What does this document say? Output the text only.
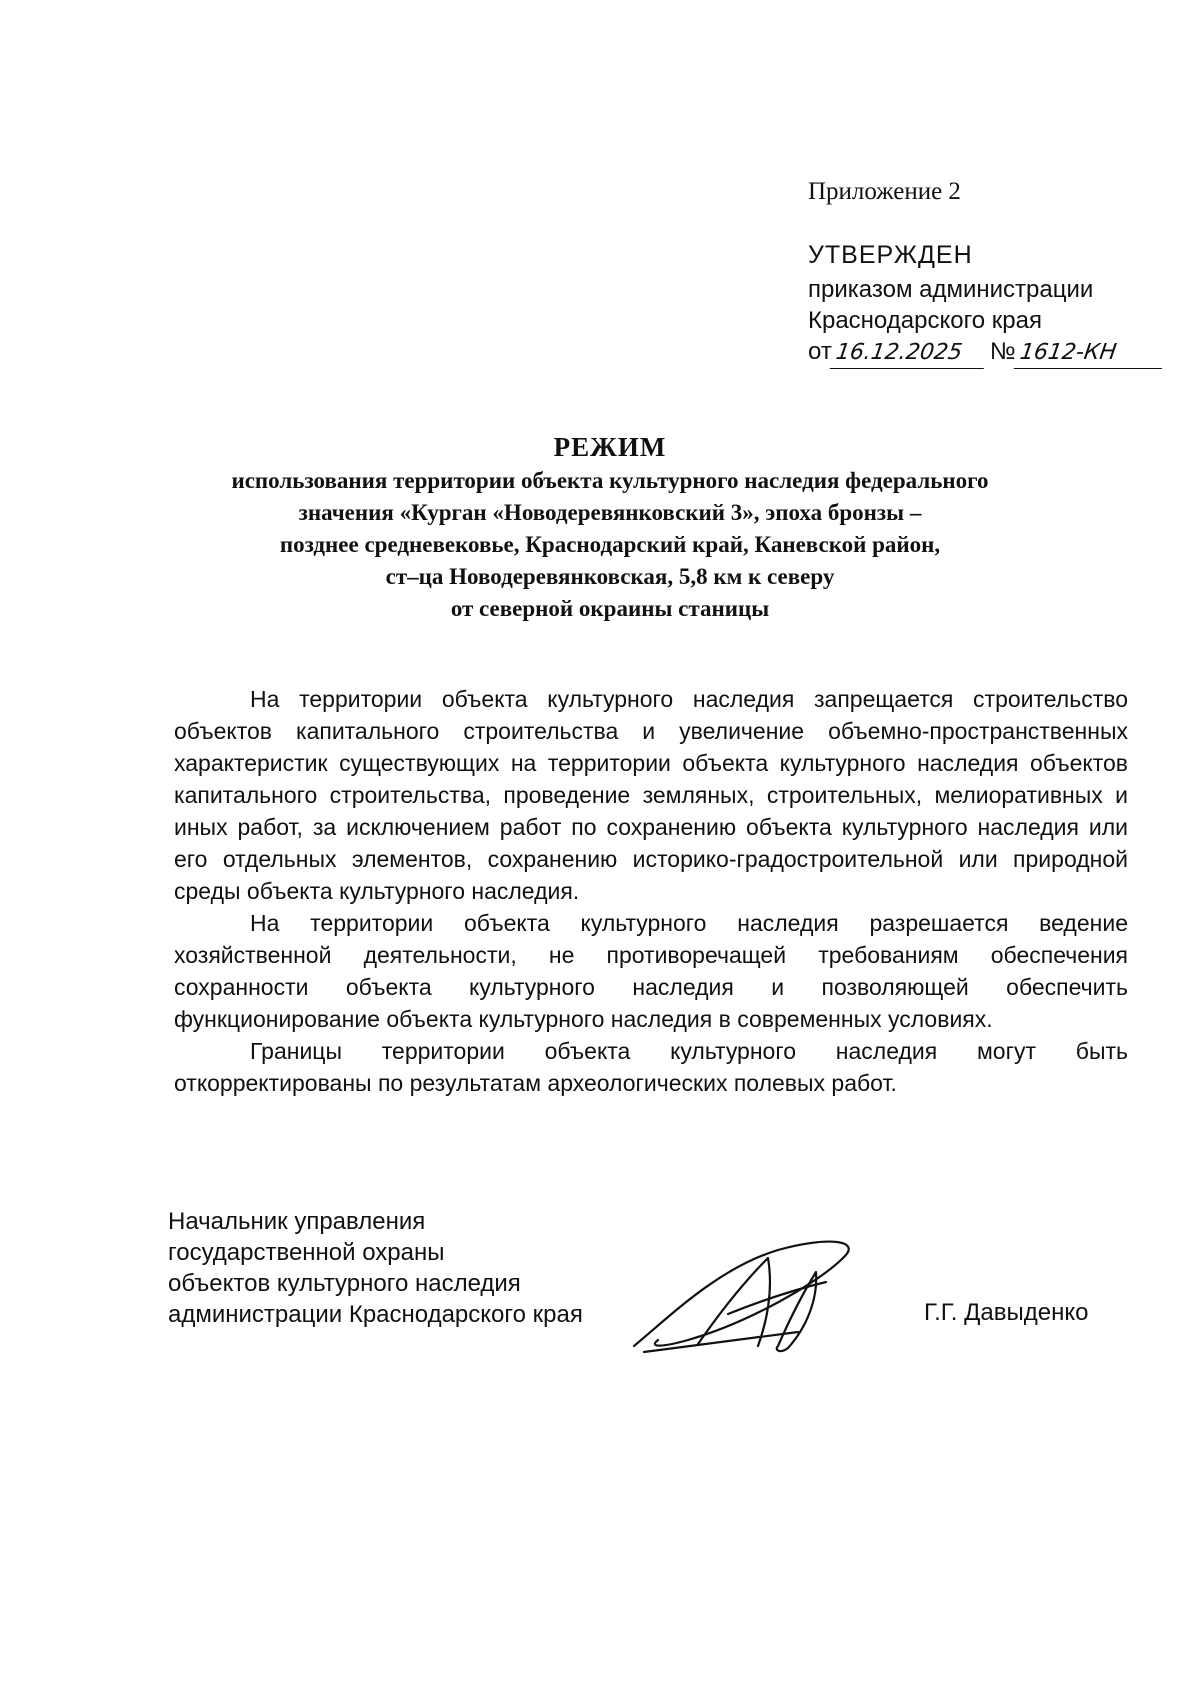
Приложение 2
УТВЕРЖДЕН
приказом администрации
Краснодарского края
от 16.12.2025	№ 1612-КН
РЕЖИМ
использования территории объекта культурного наследия федерального
значения «Курган «Новодеревянковский 3», эпоха бронзы –
позднее средневековье, Краснодарский край, Каневской район,
ст–ца Новодеревянковская, 5,8 км к северу
от северной окраины станицы

На территории объекта культурного наследия запрещается строительство объектов капитального строительства и увеличение объемно-пространственных характеристик существующих на территории объекта культурного наследия объектов капитального строительства, проведение земляных, строительных, мелиоративных и иных работ, за исключением работ по сохранению объекта культурного наследия или его отдельных элементов, сохранению историко-градостроительной или природной среды объекта культурного наследия.

На территории объекта культурного наследия разрешается ведение хозяйственной деятельности, не противоречащей требованиям обеспечения сохранности объекта культурного наследия и позволяющей обеспечить функционирование объекта культурного наследия в современных условиях.

Границы территории объекта культурного наследия могут быть откорректированы по результатам археологических полевых работ.

Начальник управления
государственной охраны
объектов культурного наследия
администрации Краснодарского края	Г.Г. Давыденко
